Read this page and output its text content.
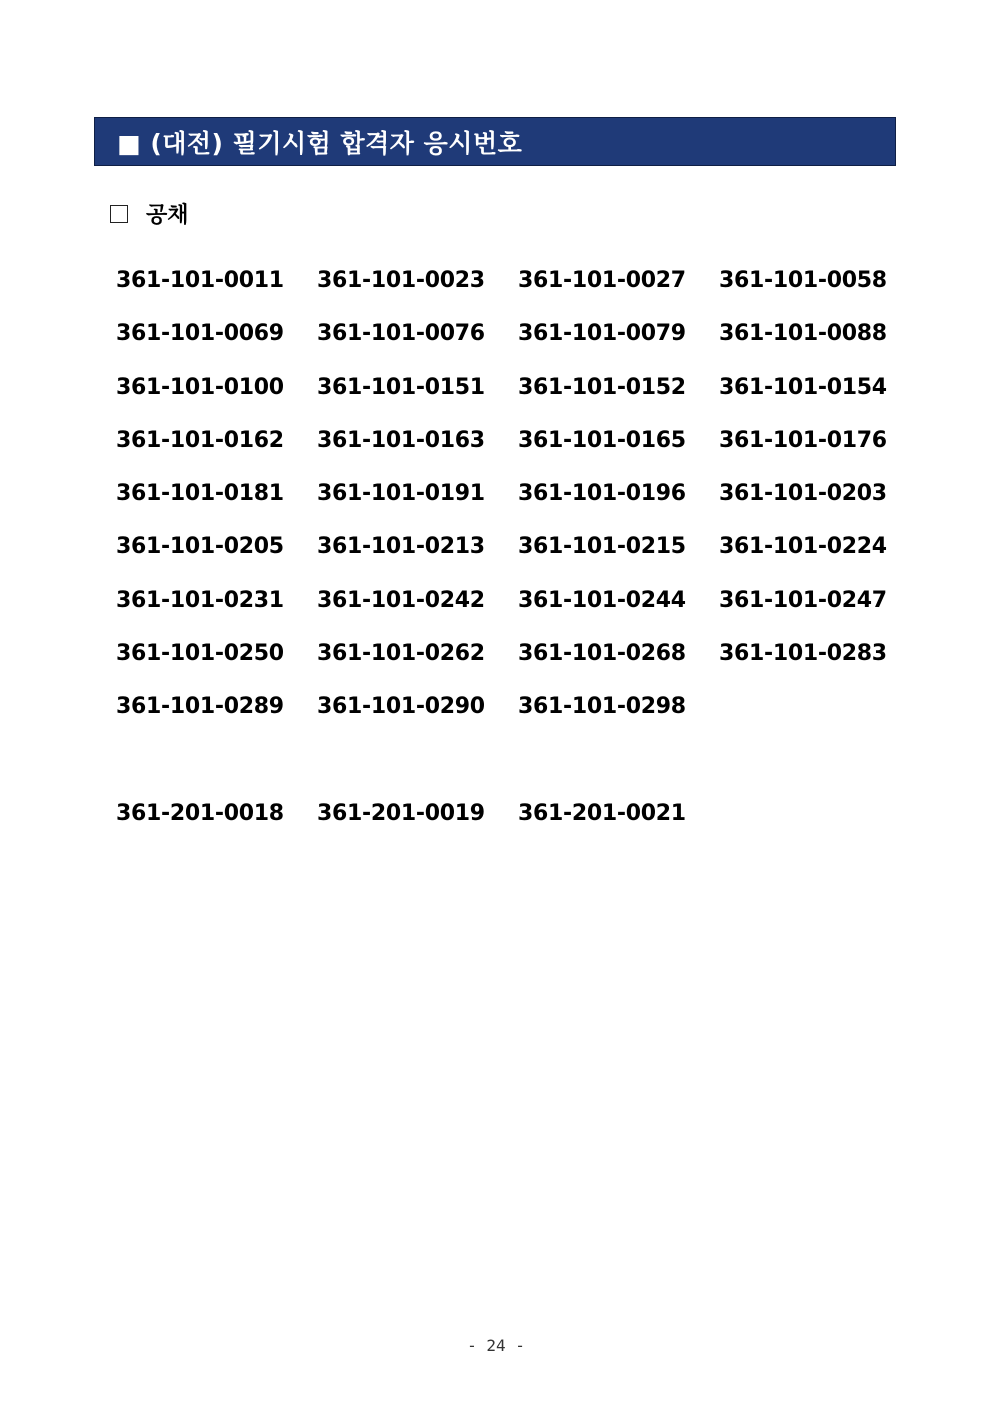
■ (대전) 필기시험 합격자 응시번호
공채
361-101-0011	361-101-0023	361-101-0027	361-101-0058
361-101-0069	361-101-0076	361-101-0079	361-101-0088
361-101-0100	361-101-0151	361-101-0152	361-101-0154
361-101-0162	361-101-0163	361-101-0165	361-101-0176
361-101-0181	361-101-0191	361-101-0196	361-101-0203
361-101-0205	361-101-0213	361-101-0215	361-101-0224
361-101-0231	361-101-0242	361-101-0244	361-101-0247
361-101-0250	361-101-0262	361-101-0268	361-101-0283
361-101-0289	361-101-0290	361-101-0298
361-201-0018	361-201-0019	361-201-0021
- 24 -
